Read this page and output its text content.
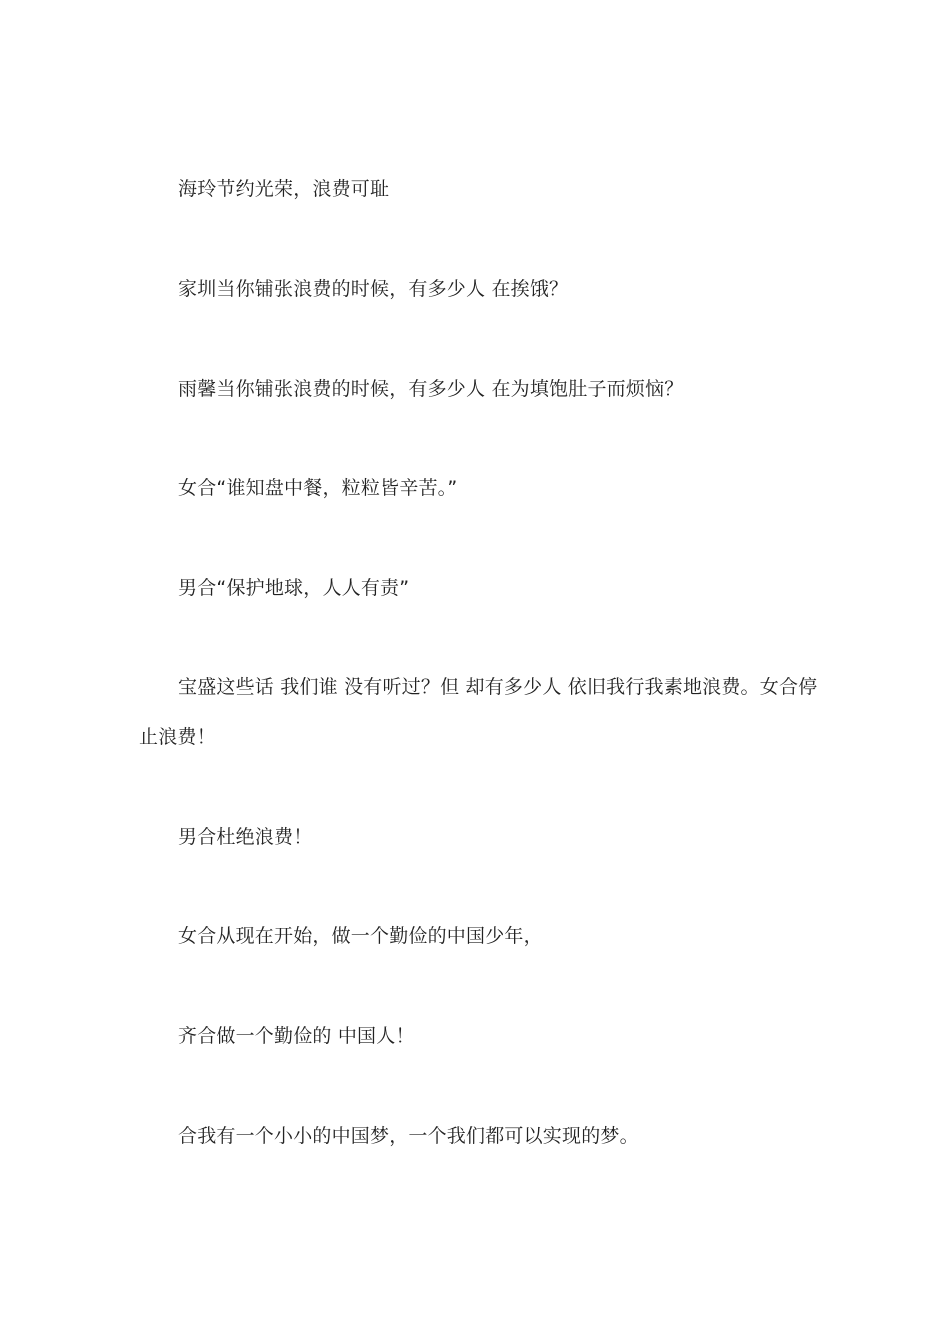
海玲节约光荣，浪费可耻

家圳当你铺张浪费的时候，有多少人 在挨饿？

雨馨当你铺张浪费的时候，有多少人 在为填饱肚子而烦恼？

女合“谁知盘中餐，粒粒皆辛苦。”

男合“保护地球，人人有责”

宝盛这些话 我们谁 没有听过？但 却有多少人 依旧我行我素地浪费。女合停止浪费！

男合杜绝浪费！

女合从现在开始，做一个勤俭的中国少年，

齐合做一个勤俭的 中国人！

合我有一个小小的中国梦，一个我们都可以实现的梦。
